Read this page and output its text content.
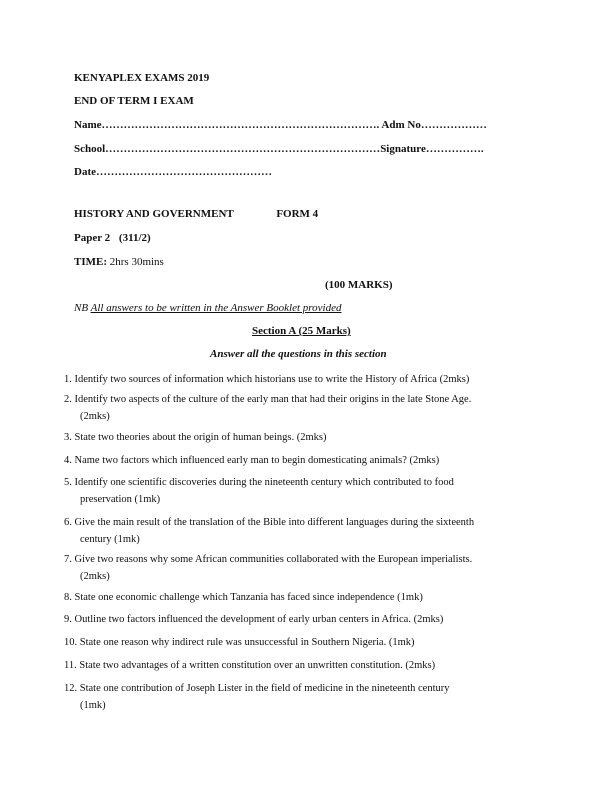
KENYAPLEX EXAMS 2019
END OF TERM I EXAM
Name…………………………………………………………………. Adm No………………
School…………………………………………………………………Signature…………….
Date…………………………………………
HISTORY AND GOVERNMENT	FORM 4
Paper 2 (311/2)
TIME: 2hrs 30mins
(100 MARKS)
NB All answers to be written in the Answer Booklet provided
Section A (25 Marks)
Answer all the questions in this section
1. Identify two sources of information which historians use to write the History of Africa (2mks)
2. Identify two aspects of the culture of the early man that had their origins in the late Stone Age.
(2mks)
3. State two theories about the origin of human beings. (2mks)
4. Name two factors which influenced early man to begin domesticating animals? (2mks)
5. Identify one scientific discoveries during the nineteenth century which contributed to food
preservation (1mk)
6. Give the main result of the translation of the Bible into different languages during the sixteenth
century (1mk)
7. Give two reasons why some African communities collaborated with the European imperialists.
(2mks)
8. State one economic challenge which Tanzania has faced since independence (1mk)
9. Outline two factors influenced the development of early urban centers in Africa. (2mks)
10. State one reason why indirect rule was unsuccessful in Southern Nigeria. (1mk)
11. State two advantages of a written constitution over an unwritten constitution. (2mks)
12. State one contribution of Joseph Lister in the field of medicine in the nineteenth century
(1mk)
